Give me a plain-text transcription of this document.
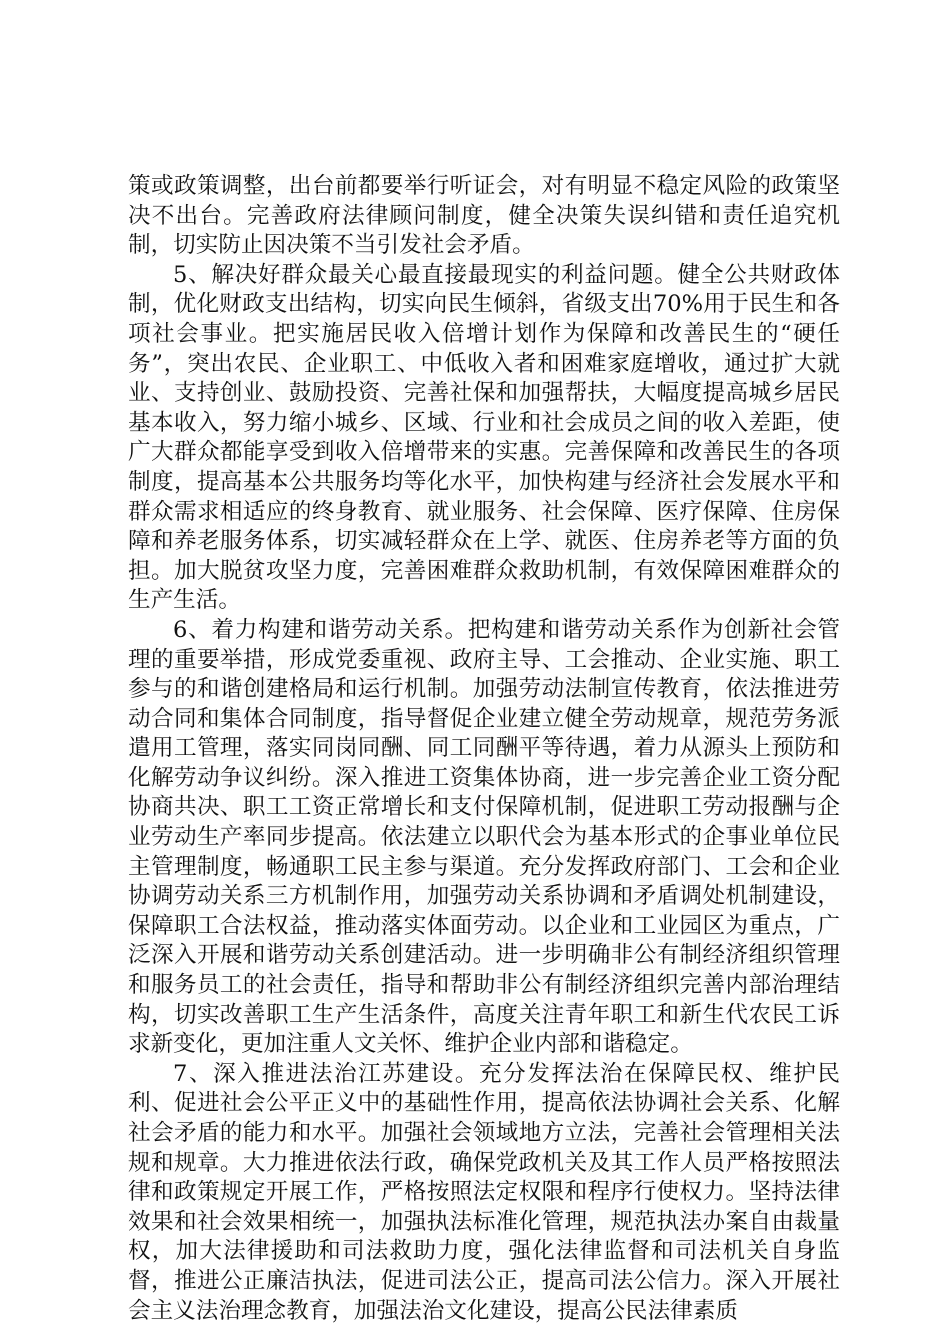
策或政策调整，出台前都要举行听证会，对有明显不稳定风险的政策坚决不出台。完善政府法律顾问制度，健全决策失误纠错和责任追究机制，切实防止因决策不当引发社会矛盾。

5、解决好群众最关心最直接最现实的利益问题。健全公共财政体制，优化财政支出结构，切实向民生倾斜，省级支出70%用于民生和各项社会事业。把实施居民收入倍增计划作为保障和改善民生的“硬任务”，突出农民、企业职工、中低收入者和困难家庭增收，通过扩大就业、支持创业、鼓励投资、完善社保和加强帮扶，大幅度提高城乡居民基本收入，努力缩小城乡、区域、行业和社会成员之间的收入差距，使广大群众都能享受到收入倍增带来的实惠。完善保障和改善民生的各项制度，提高基本公共服务均等化水平，加快构建与经济社会发展水平和群众需求相适应的终身教育、就业服务、社会保障、医疗保障、住房保障和养老服务体系，切实减轻群众在上学、就医、住房养老等方面的负担。加大脱贫攻坚力度，完善困难群众救助机制，有效保障困难群众的生产生活。

6、着力构建和谐劳动关系。把构建和谐劳动关系作为创新社会管理的重要举措，形成党委重视、政府主导、工会推动、企业实施、职工参与的和谐创建格局和运行机制。加强劳动法制宣传教育，依法推进劳动合同和集体合同制度，指导督促企业建立健全劳动规章，规范劳务派遣用工管理，落实同岗同酬、同工同酬平等待遇，着力从源头上预防和化解劳动争议纠纷。深入推进工资集体协商，进一步完善企业工资分配协商共决、职工工资正常增长和支付保障机制，促进职工劳动报酬与企业劳动生产率同步提高。依法建立以职代会为基本形式的企事业单位民主管理制度，畅通职工民主参与渠道。充分发挥政府部门、工会和企业协调劳动关系三方机制作用，加强劳动关系协调和矛盾调处机制建设，保障职工合法权益，推动落实体面劳动。以企业和工业园区为重点，广泛深入开展和谐劳动关系创建活动。进一步明确非公有制经济组织管理和服务员工的社会责任，指导和帮助非公有制经济组织完善内部治理结构，切实改善职工生产生活条件，高度关注青年职工和新生代农民工诉求新变化，更加注重人文关怀、维护企业内部和谐稳定。

7、深入推进法治江苏建设。充分发挥法治在保障民权、维护民利、促进社会公平正义中的基础性作用，提高依法协调社会关系、化解社会矛盾的能力和水平。加强社会领域地方立法，完善社会管理相关法规和规章。大力推进依法行政，确保党政机关及其工作人员严格按照法律和政策规定开展工作，严格按照法定权限和程序行使权力。坚持法律效果和社会效果相统一，加强执法标准化管理，规范执法办案自由裁量权，加大法律援助和司法救助力度，强化法律监督和司法机关自身监督，推进公正廉洁执法，促进司法公正，提高司法公信力。深入开展社会主义法治理念教育，加强法治文化建设，提高公民法律素质
